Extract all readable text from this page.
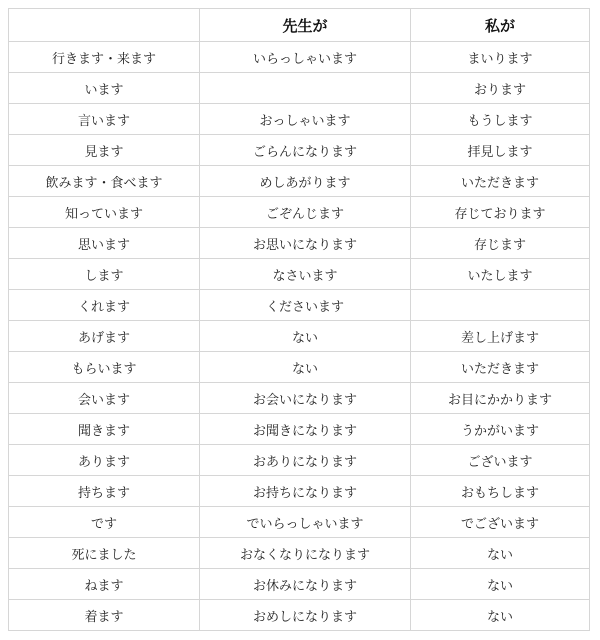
	先生が	私が
行きます・来ます	いらっしゃいます	まいります
います		おります
言います	おっしゃいます	もうします
見ます	ごらんになります	拝見します
飲みます・食べます	めしあがります	いただきます
知っています	ごぞんじます	存じております
思います	お思いになります	存じます
します	なさいます	いたします
くれます	くださいます	
あげます	ない	差し上げます
もらいます	ない	いただきます
会います	お会いになります	お目にかかります
聞きます	お聞きになります	うかがいます
あります	おありになります	ございます
持ちます	お持ちになります	おもちします
です	でいらっしゃいます	でございます
死にました	おなくなりになります	ない
ねます	お休みになります	ない
着ます	おめしになります	ない
